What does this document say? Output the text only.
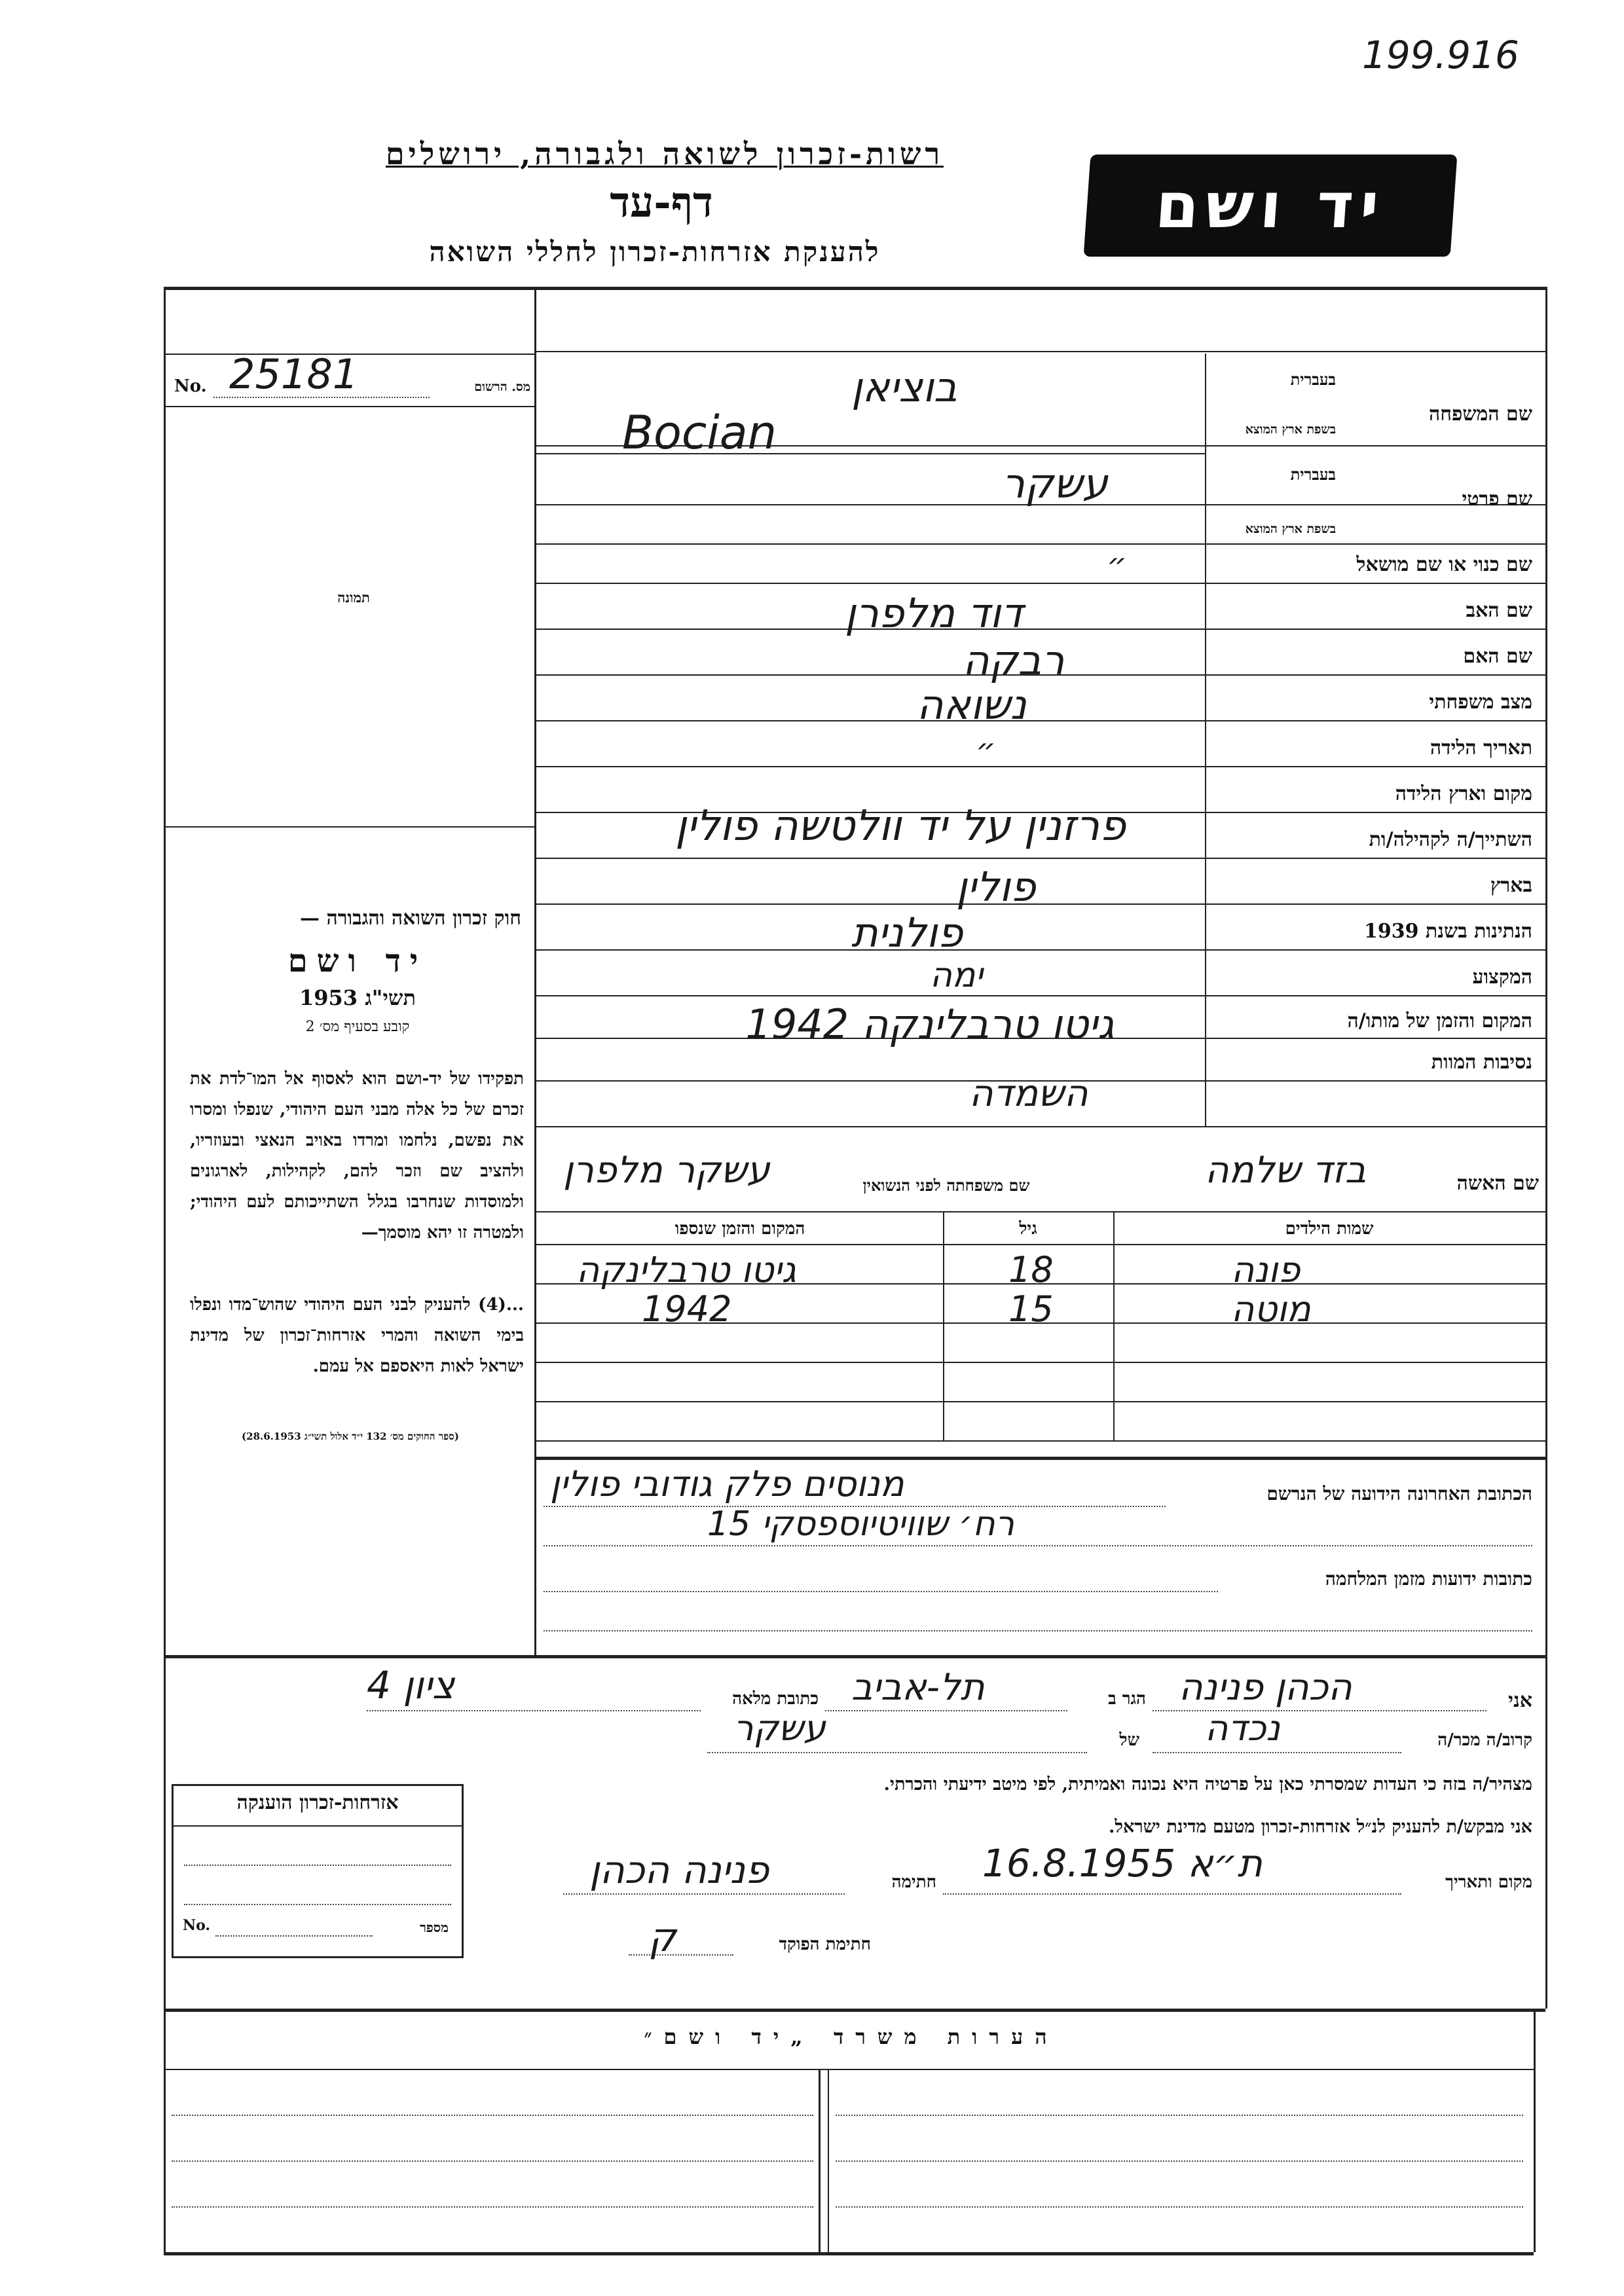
199.916
רשות-זכרון לשואה ולגבורה, ירושלים
דף-עד
להענקת אזרחות-זכרון לחללי השואה
יד ושם
No. 25181	מס. הרשום
תמונה
חוק זכרון השואה והגבורה —
יד ושם
תשי"ג 1953
קובע בסעיף מס׳ 2
תפקידו של יד-ושם הוא לאסוף אל המו־לדת את זכרם של כל אלה מבני העם היהודי, שנפלו ומסרו את נפשם, נלחמו ומרדו באויב הנאצי ובעוזריו, ולהציב שם וזכר להם, לקהילות, לארגונים ולמוסדות שנחרבו בגלל השתייכותם לעם היהודי; ולמטרה זו יהא מוסמך—
...(4) להעניק לבני העם היהודי שהוש־מדו ונפלו בימי השואה והמרי אזרחות־זכרון של מדינת ישראל לאות היאספם אל עמם.
(ספר החוקים מס׳ 132 י״ד אלול תשי״ג 28.6.1953)
שם המשפחה
בעברית
בשפת ארץ המוצא
בוציאן
Bocian
שם פרטי
בעברית
בשפת ארץ המוצא
עשקר
שם כנוי או שם מושאל
״
שם האב
דוד מלפרן
שם האם
רבקה
מצב משפחתי
נשואה
תאריך הלידה
״
מקום וארץ הלידה
השתייך/ה לקהילה/ות
פרזנין על יד וולטשה פולין
בארץ
פולין
הנתינות בשנת 1939
פולנית
המקצוע
ימה
המקום והזמן של מותו/ה
גיטו טרבלינקה 1942
נסיבות המוות
השמדה
שם האשה
בזד שלמה
שם משפחתה לפני הנשואין
עשקר מלפרן
שמות הילדים
גיל
המקום והזמן שנספו
פונה
18
גיטו טרבלינקה
מוטה
15
1942
הכתובת האחרונה הידועה של הנרשם
מנוסים פלק גודובי פולין
רח׳ שוויטיוספסקי 15
כתובות ידועות מזמן המלחמה
אני
הכהן פנינה
הגר ב
תל-אביב
כתובת מלאה
ציון 4
קרוב/ה מכר/ה
נכדה
של
עשקר
מצהיר/ה בזה כי העדות שמסרתי כאן על פרטיה היא נכונה ואמיתית, לפי מיטב ידיעתי והכרתי.
אני מבקש/ת להעניק לנ״ל אזרחות-זכרון מטעם מדינת ישראל.
מקום ותאריך
ת״א 16.8.1955
חתימה
פנינה הכהן
חתימת הפוקד
ק
אזרחות-זכרון הוענקה
No.	מספר
הערות משרד „יד ושם״
